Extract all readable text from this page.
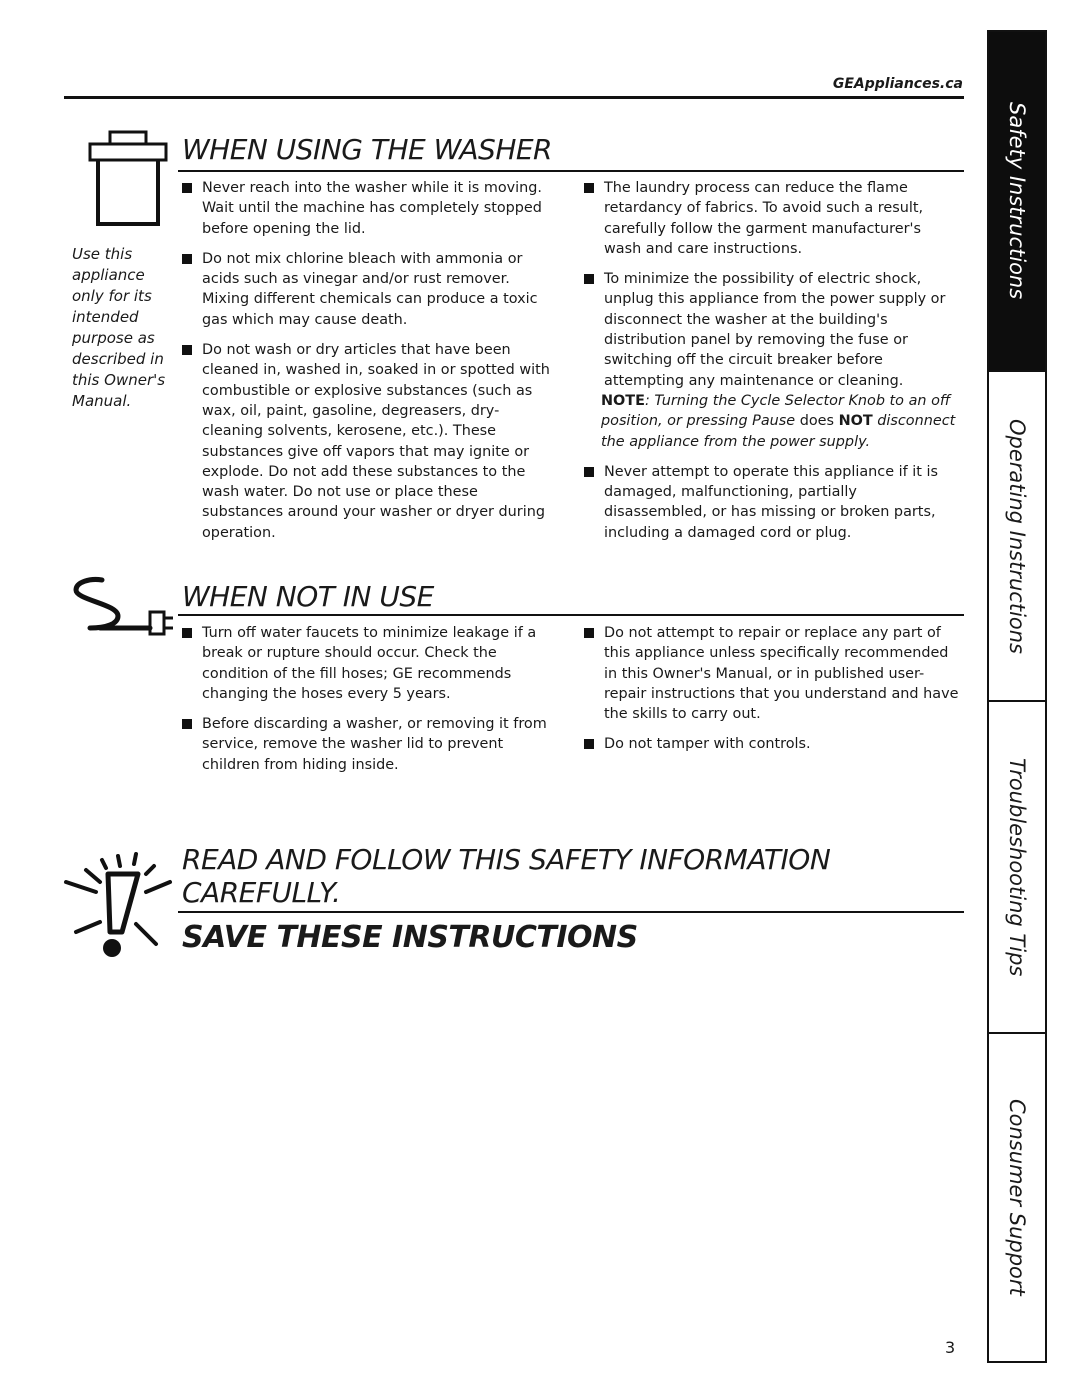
GEAppliances.ca
WHEN USING THE WASHER
Use this appliance only for its intended purpose as described in this Owner's Manual.
Never reach into the washer while it is moving. Wait until the machine has completely stopped before opening the lid.
Do not mix chlorine bleach with ammonia or acids such as vinegar and/or rust remover. Mixing different chemicals can produce a toxic gas which may cause death.
Do not wash or dry articles that have been cleaned in, washed in, soaked in or spotted with combustible or explosive substances (such as wax, oil, paint, gasoline, degreasers, dry-cleaning solvents, kerosene, etc.). These substances give off vapors that may ignite or explode. Do not add these substances to the wash water. Do not use or place these substances around your washer or dryer during operation.
The laundry process can reduce the flame retardancy of fabrics. To avoid such a result, carefully follow the garment manufacturer's wash and care instructions.
To minimize the possibility of electric shock, unplug this appliance from the power supply or disconnect the washer at the building's distribution panel by removing the fuse or switching off the circuit breaker before attempting any maintenance or cleaning.
NOTE: Turning the Cycle Selector Knob to an off position, or pressing Pause does NOT disconnect the appliance from the power supply.
Never attempt to operate this appliance if it is damaged, malfunctioning, partially disassembled, or has missing or broken parts, including a damaged cord or plug.
WHEN NOT IN USE
Turn off water faucets to minimize leakage if a break or rupture should occur. Check the condition of the fill hoses; GE recommends changing the hoses every 5 years.
Before discarding a washer, or removing it from service, remove the washer lid to prevent children from hiding inside.
Do not attempt to repair or replace any part of this appliance unless specifically recommended in this Owner's Manual, or in published user-repair instructions that you understand and have the skills to carry out.
Do not tamper with controls.
READ AND FOLLOW THIS SAFETY INFORMATION
CAREFULLY.
SAVE THESE INSTRUCTIONS
Safety Instructions
Operating Instructions
Troubleshooting Tips
Consumer Support
3
